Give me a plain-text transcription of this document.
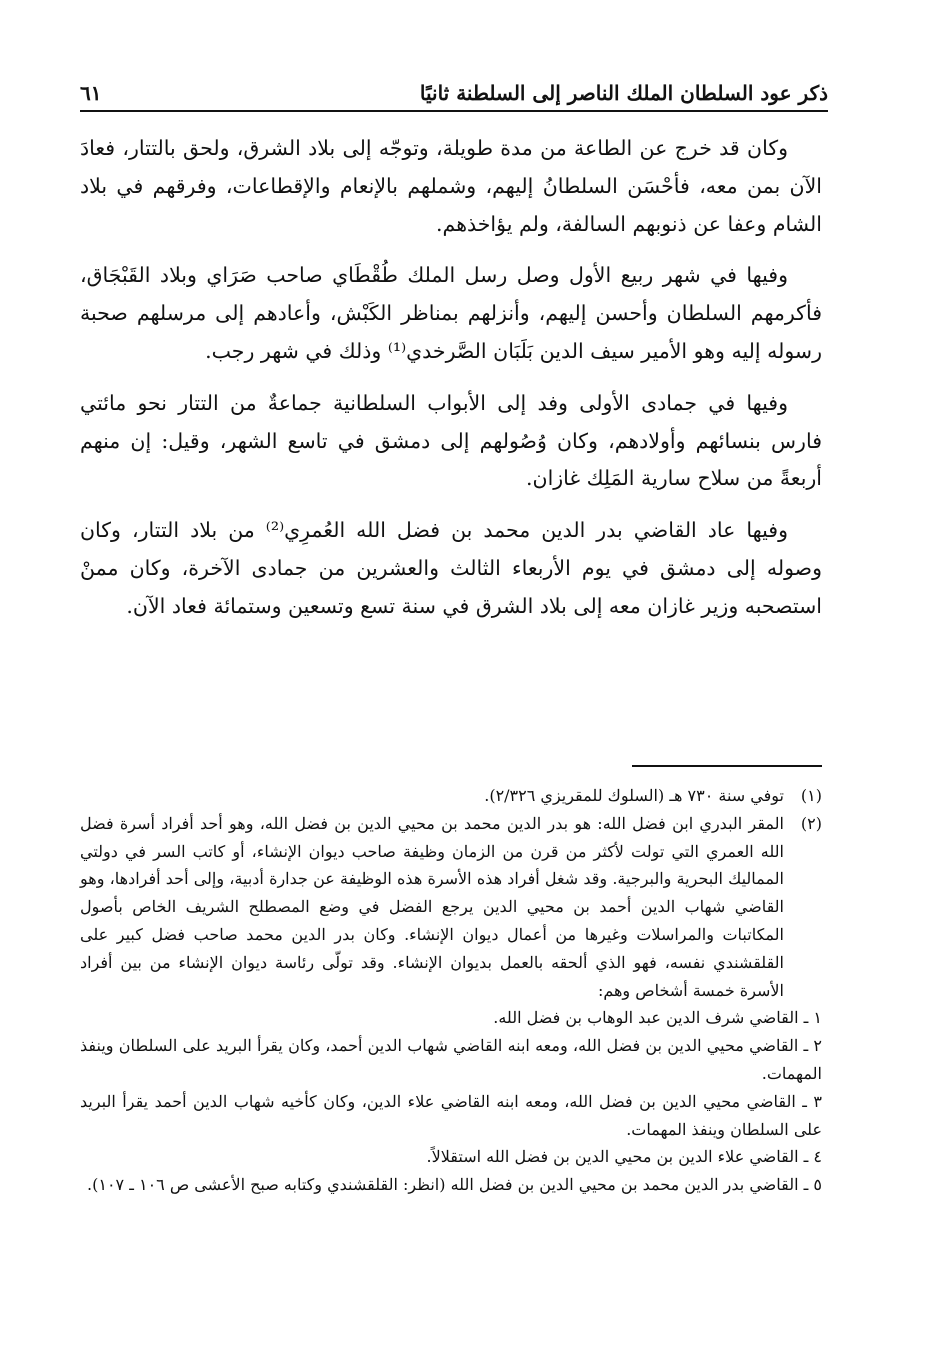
ذكر عود السلطان الملك الناصر إلى السلطنة ثانيًا
٦١

وكان قد خرج عن الطاعة من مدة طويلة، وتوجّه إلى بلاد الشرق، ولحق بالتتار، فعادَ الآن بمن معه، فأحْسَن السلطانُ إليهم، وشملهم بالإنعام والإقطاعات، وفرقهم في بلاد الشام وعفا عن ذنوبهم السالفة، ولم يؤاخذهم.

وفيها في شهر ربيع الأول وصل رسل الملك طُقْطَاي صاحب صَرَاي وبلاد القَبْجَاق، فأكرمهم السلطان وأحسن إليهم، وأنزلهم بمناظر الكَبْش، وأعادهم إلى مرسلهم صحبة رسوله إليه وهو الأمير سيف الدين بَلَبَان الصَّرخدي⁽¹⁾ وذلك في شهر رجب.

وفيها في جمادى الأولى وفد إلى الأبواب السلطانية جماعةٌ من التتار نحو مائتي فارس بنسائهم وأولادهم، وكان وُصُولهم إلى دمشق في تاسع الشهر، وقيل: إن منهم أربعةً من سلاح سارية المَلِك غازان.

وفيها عاد القاضي بدر الدين محمد بن فضل الله العُمرِي⁽²⁾ من بلاد التتار، وكان وصوله إلى دمشق في يوم الأربعاء الثالث والعشرين من جمادى الآخرة، وكان ممنْ استصحبه وزير غازان معه إلى بلاد الشرق في سنة تسع وتسعين وستمائة فعاد الآن.

(١)
توفي سنة ٧٣٠ هـ (السلوك للمقريزي ٢/٣٢٦).
(٢)
المقر البدري ابن فضل الله: هو بدر الدين محمد بن محيي الدين بن فضل الله، وهو أحد أفراد أسرة فضل الله العمري التي تولت لأكثر من قرن من الزمان وظيفة صاحب ديوان الإنشاء، أو كاتب السر في دولتي المماليك البحرية والبرجية. وقد شغل أفراد هذه الأسرة هذه الوظيفة عن جدارة أدبية، وإلى أحد أفرادها، وهو القاضي شهاب الدين أحمد بن محيي الدين يرجع الفضل في وضع المصطلح الشريف الخاص بأصول المكاتبات والمراسلات وغيرها من أعمال ديوان الإنشاء. وكان بدر الدين محمد صاحب فضل كبير على القلقشندي نفسه، فهو الذي ألحقه بالعمل بديوان الإنشاء. وقد تولّى رئاسة ديوان الإنشاء من بين أفراد الأسرة خمسة أشخاص وهم:
١ ـ القاضي شرف الدين عبد الوهاب بن فضل الله.
٢ ـ القاضي محيي الدين بن فضل الله، ومعه ابنه القاضي شهاب الدين أحمد، وكان يقرأ البريد على السلطان وينفذ المهمات.
٣ ـ القاضي محيي الدين بن فضل الله، ومعه ابنه القاضي علاء الدين، وكان كأخيه شهاب الدين أحمد يقرأ البريد على السلطان وينفذ المهمات.
٤ ـ القاضي علاء الدين بن محيي الدين بن فضل الله استقلالاً.
٥ ـ القاضي بدر الدين محمد بن محيي الدين بن فضل الله (انظر: القلقشندي وكتابه صبح الأعشى ص ١٠٦ ـ ١٠٧).
